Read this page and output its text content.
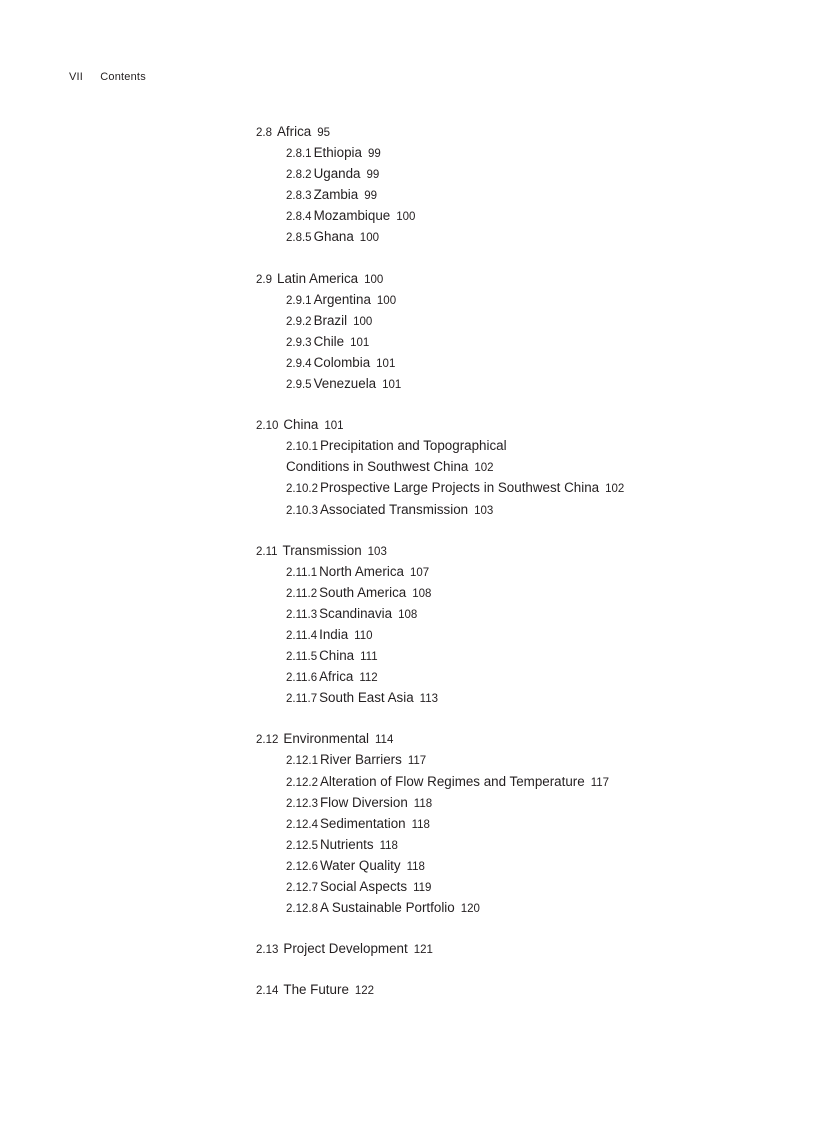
VII Contents
2.8 Africa 95
2.8.1 Ethiopia 99
2.8.2 Uganda 99
2.8.3 Zambia 99
2.8.4 Mozambique 100
2.8.5 Ghana 100
2.9 Latin America 100
2.9.1 Argentina 100
2.9.2 Brazil 100
2.9.3 Chile 101
2.9.4 Colombia 101
2.9.5 Venezuela 101
2.10 China 101
2.10.1 Precipitation and Topographical
Conditions in Southwest China 102
2.10.2 Prospective Large Projects in Southwest China 102
2.10.3 Associated Transmission 103
2.11 Transmission 103
2.11.1 North America 107
2.11.2 South America 108
2.11.3 Scandinavia 108
2.11.4 India 110
2.11.5 China 111
2.11.6 Africa 112
2.11.7 South East Asia 113
2.12 Environmental 114
2.12.1 River Barriers 117
2.12.2 Alteration of Flow Regimes and Temperature 117
2.12.3 Flow Diversion 118
2.12.4 Sedimentation 118
2.12.5 Nutrients 118
2.12.6 Water Quality 118
2.12.7 Social Aspects 119
2.12.8 A Sustainable Portfolio 120
2.13 Project Development 121
2.14 The Future 122
